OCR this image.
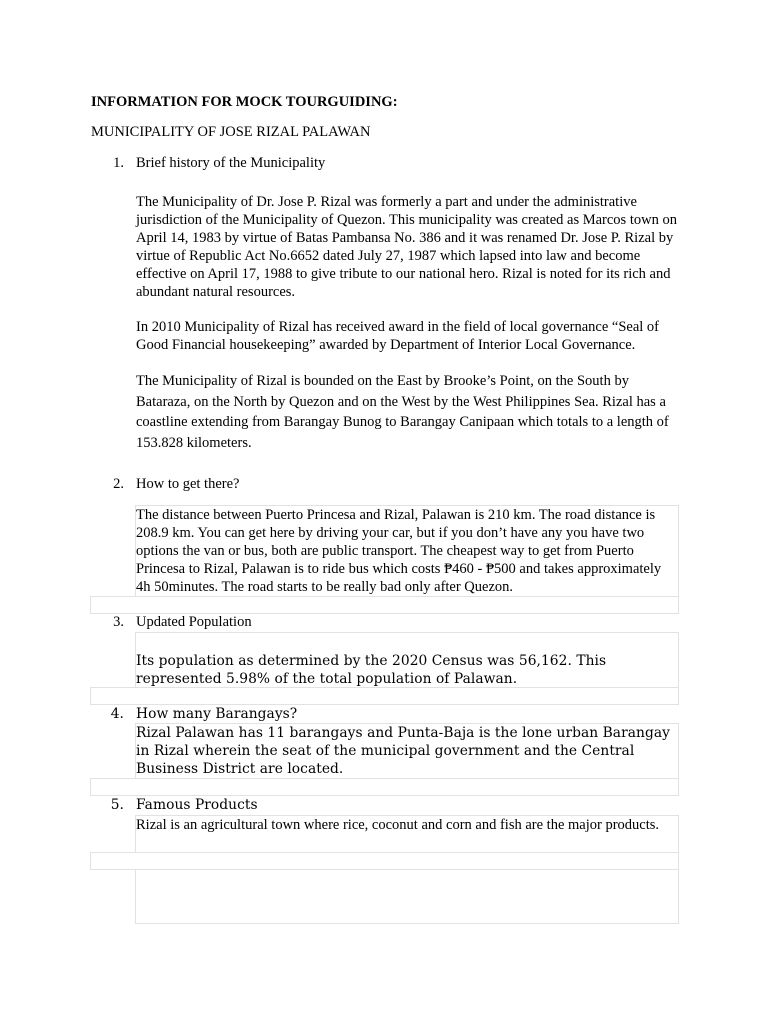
INFORMATION FOR MOCK TOURGUIDING:
MUNICIPALITY OF JOSE RIZAL PALAWAN
1. Brief history of the Municipality
The Municipality of Dr. Jose P. Rizal was formerly a part and under the administrative jurisdiction of the Municipality of Quezon. This municipality was created as Marcos town on April 14, 1983 by virtue of Batas Pambansa No. 386 and it was renamed Dr. Jose P. Rizal by virtue of Republic Act No.6652 dated July 27, 1987 which lapsed into law and become effective on April 17, 1988 to give tribute to our national hero. Rizal is noted for its rich and abundant natural resources.
In 2010 Municipality of Rizal has received award in the field of local governance “Seal of Good Financial housekeeping” awarded by Department of Interior Local Governance.
The Municipality of Rizal is bounded on the East by Brooke’s Point, on the South by Bataraza, on the North by Quezon and on the West by the West Philippines Sea. Rizal has a coastline extending from Barangay Bunog to Barangay Canipaan which totals to a length of 153.828 kilometers.
2. How to get there?
The distance between Puerto Princesa and Rizal, Palawan is 210 km. The road distance is 208.9 km. You can get here by driving your car, but if you don’t have any you have two options the van or bus, both are public transport. The cheapest way to get from Puerto Princesa to Rizal, Palawan is to ride bus which costs ₱460 - ₱500 and takes approximately 4h 50minutes. The road starts to be really bad only after Quezon.
3. Updated Population
Its population as determined by the 2020 Census was 56,162. This represented 5.98% of the total population of Palawan.
4. How many Barangays?
Rizal Palawan has 11 barangays and Punta-Baja is the lone urban Barangay in Rizal wherein the seat of the municipal government and the Central Business District are located.
5. Famous Products
Rizal is an agricultural town where rice, coconut and corn and fish are the major products.
